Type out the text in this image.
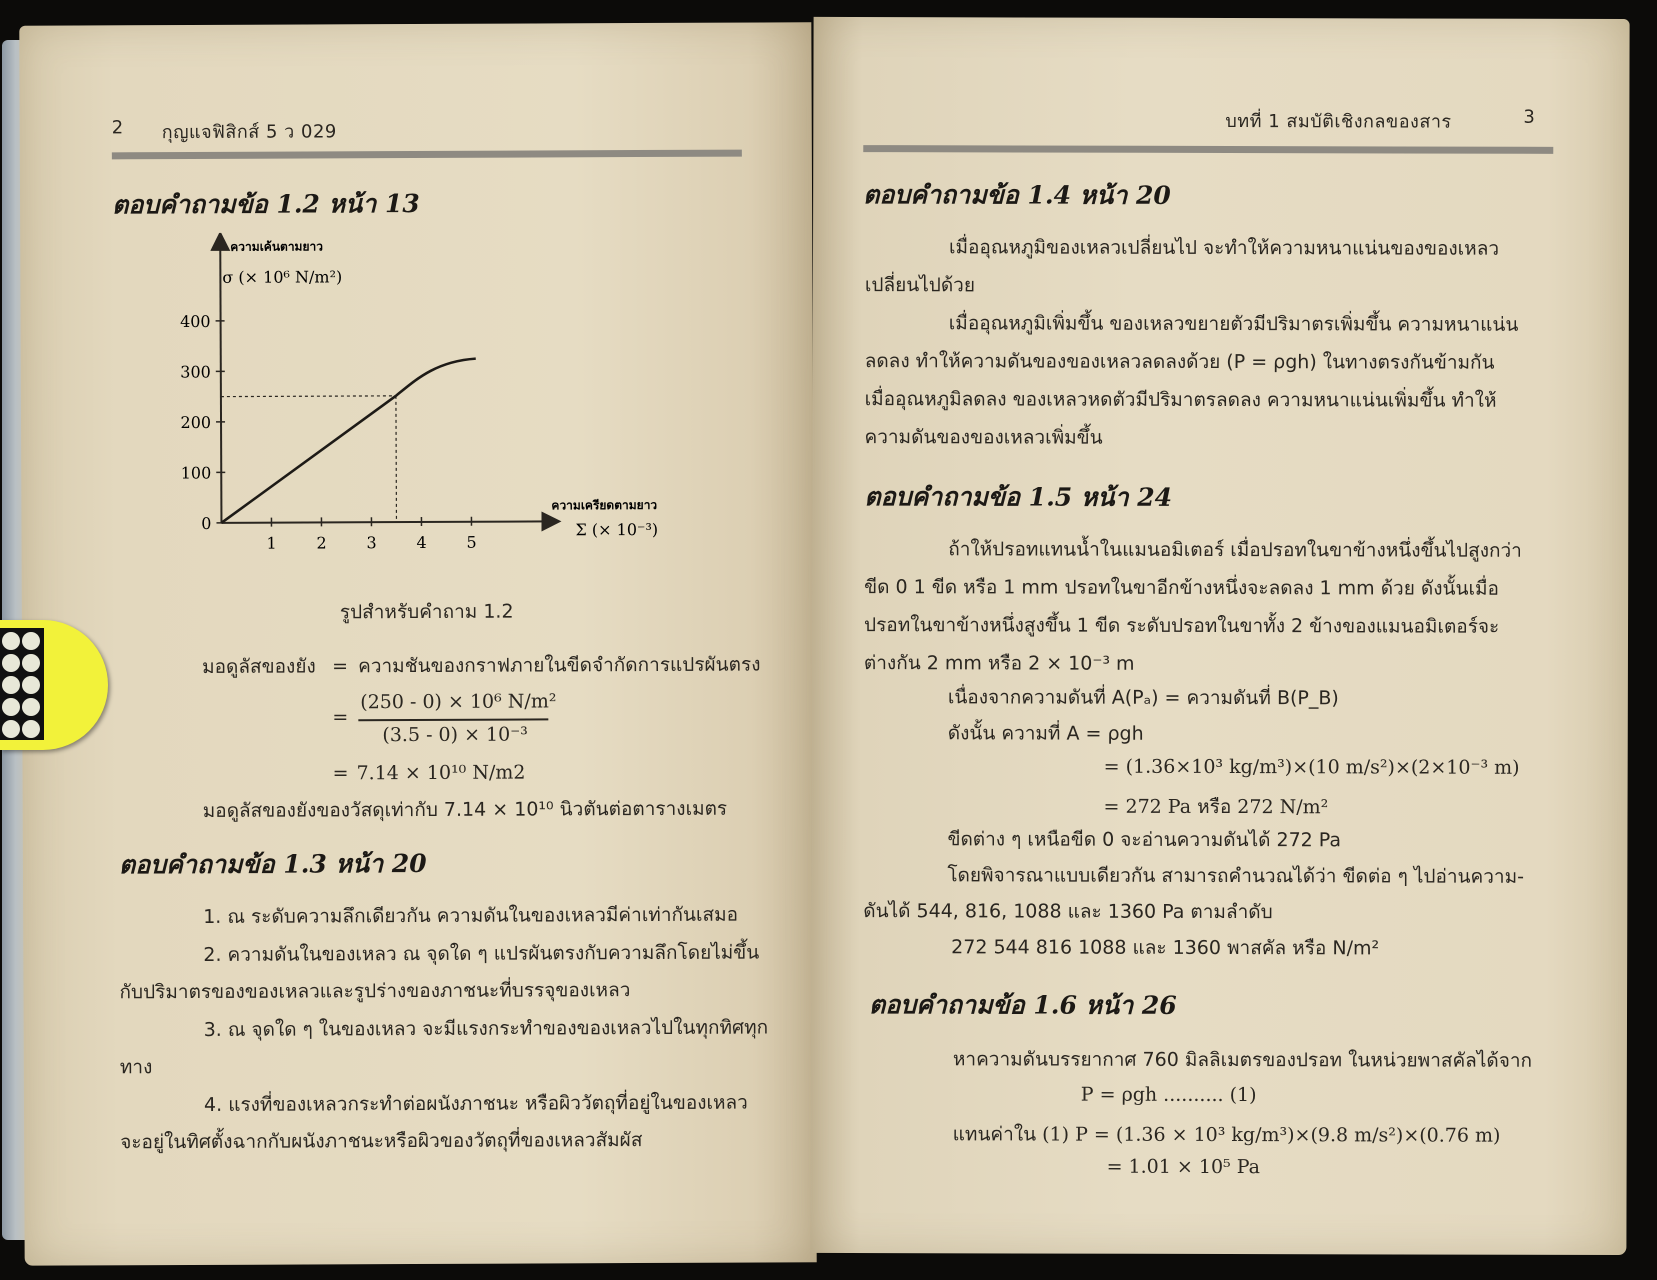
2 กุญแจฟิสิกส์ 5 ว 029
ตอบคำถามข้อ 1.2 หน้า 13
0
100
200
300
400
1 2 3 4 5
ความเค้นตามยาว
σ (× 10⁶ N/m²)
ความเครียดตามยาว
Σ (× 10⁻³)
รูปสำหรับคำถาม 1.2
มอดูลัสของยัง = ความชันของกราฟภายในขีดจำกัดการแปรผันตรง
=
(250 - 0) × 10⁶ N/m²
(3.5 - 0) × 10⁻³
= 7.14 × 10¹⁰ N/m2
มอดูลัสของยังของวัสดุเท่ากับ 7.14 × 10¹⁰ นิวตันต่อตารางเมตร
ตอบคำถามข้อ 1.3 หน้า 20
1. ณ ระดับความลึกเดียวกัน ความดันในของเหลวมีค่าเท่ากันเสมอ
2. ความดันในของเหลว ณ จุดใด ๆ แปรผันตรงกับความลึกโดยไม่ขึ้น
กับปริมาตรของของเหลวและรูปร่างของภาชนะที่บรรจุของเหลว
3. ณ จุดใด ๆ ในของเหลว จะมีแรงกระทำของของเหลวไปในทุกทิศทุก
ทาง
4. แรงที่ของเหลวกระทำต่อผนังภาชนะ หรือผิววัตถุที่อยู่ในของเหลว
จะอยู่ในทิศตั้งฉากกับผนังภาชนะหรือผิวของวัตถุที่ของเหลวสัมผัส
บทที่ 1 สมบัติเชิงกลของสาร	3
ตอบคำถามข้อ 1.4 หน้า 20
เมื่ออุณหภูมิของเหลวเปลี่ยนไป จะทำให้ความหนาแน่นของของเหลว
เปลี่ยนไปด้วย
เมื่ออุณหภูมิเพิ่มขึ้น ของเหลวขยายตัวมีปริมาตรเพิ่มขึ้น ความหนาแน่น
ลดลง ทำให้ความดันของของเหลวลดลงด้วย (P = ρgh) ในทางตรงกันข้ามกัน
เมื่ออุณหภูมิลดลง ของเหลวหดตัวมีปริมาตรลดลง ความหนาแน่นเพิ่มขึ้น ทำให้
ความดันของของเหลวเพิ่มขึ้น
ตอบคำถามข้อ 1.5 หน้า 24
ถ้าให้ปรอทแทนน้ำในแมนอมิเตอร์ เมื่อปรอทในขาข้างหนึ่งขึ้นไปสูงกว่า
ขีด 0 1 ขีด หรือ 1 mm ปรอทในขาอีกข้างหนึ่งจะลดลง 1 mm ด้วย ดังนั้นเมื่อ
ปรอทในขาข้างหนึ่งสูงขึ้น 1 ขีด ระดับปรอทในขาทั้ง 2 ข้างของแมนอมิเตอร์จะ
ต่างกัน 2 mm หรือ 2 × 10⁻³ m
เนื่องจากความดันที่ A(Pₐ) = ความดันที่ B(P_B)
ดังนั้น ความที่ A = ρgh
= (1.36×10³ kg/m³)×(10 m/s²)×(2×10⁻³ m)
= 272 Pa หรือ 272 N/m²
ขีดต่าง ๆ เหนือขีด 0 จะอ่านความดันได้ 272 Pa
โดยพิจารณาแบบเดียวกัน สามารถคำนวณได้ว่า ขีดต่อ ๆ ไปอ่านความ-
ดันได้ 544, 816, 1088 และ 1360 Pa ตามลำดับ
272 544 816 1088 และ 1360 พาสคัล หรือ N/m²
ตอบคำถามข้อ 1.6 หน้า 26
หาความดันบรรยากาศ 760 มิลลิเมตรของปรอท ในหน่วยพาสคัลได้จาก
P = ρgh .......... (1)
แทนค่าใน (1) P = (1.36 × 10³ kg/m³)×(9.8 m/s²)×(0.76 m)
= 1.01 × 10⁵ Pa
